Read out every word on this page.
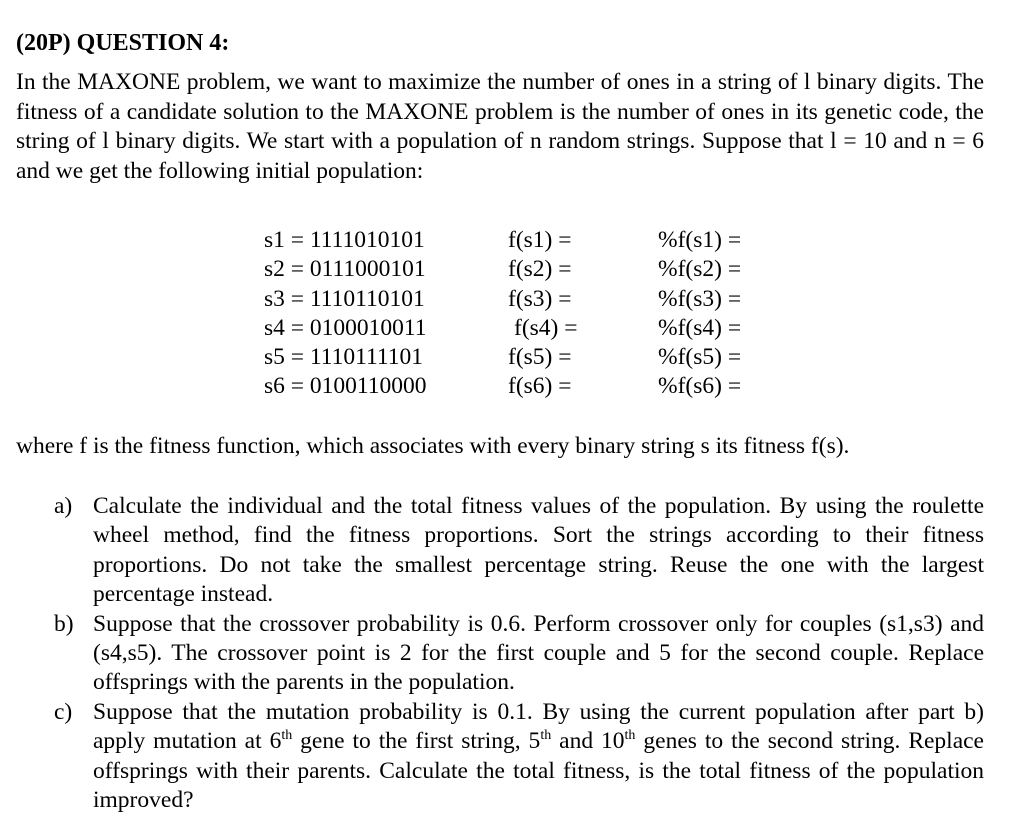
(20P) QUESTION 4:

In the MAXONE problem, we want to maximize the number of ones in a string of l binary digits. The fitness of a candidate solution to the MAXONE problem is the number of ones in its genetic code, the string of l binary digits. We start with a population of n random strings. Suppose that l = 10 and n = 6 and we get the following initial population:

s1 = 1111010101	f(s1) =	%f(s1) =
s2 = 0111000101	f(s2) =	%f(s2) =
s3 = 1110110101	f(s3) =	%f(s3) =
s4 = 0100010011	f(s4) =	%f(s4) =
s5 = 1110111101	f(s5) =	%f(s5) =
s6 = 0100110000	f(s6) =	%f(s6) =
where f is the fitness function, which associates with every binary string s its fitness f(s).
a) Calculate the individual and the total fitness values of the population. By using the roulette wheel method, find the fitness proportions. Sort the strings according to their fitness proportions. Do not take the smallest percentage string. Reuse the one with the largest percentage instead.
b) Suppose that the crossover probability is 0.6. Perform crossover only for couples (s1,s3) and (s4,s5). The crossover point is 2 for the first couple and 5 for the second couple. Replace offsprings with the parents in the population.
c) Suppose that the mutation probability is 0.1. By using the current population after part b) apply mutation at 6th gene to the first string, 5th and 10th genes to the second string. Replace offsprings with their parents. Calculate the total fitness, is the total fitness of the population improved?
